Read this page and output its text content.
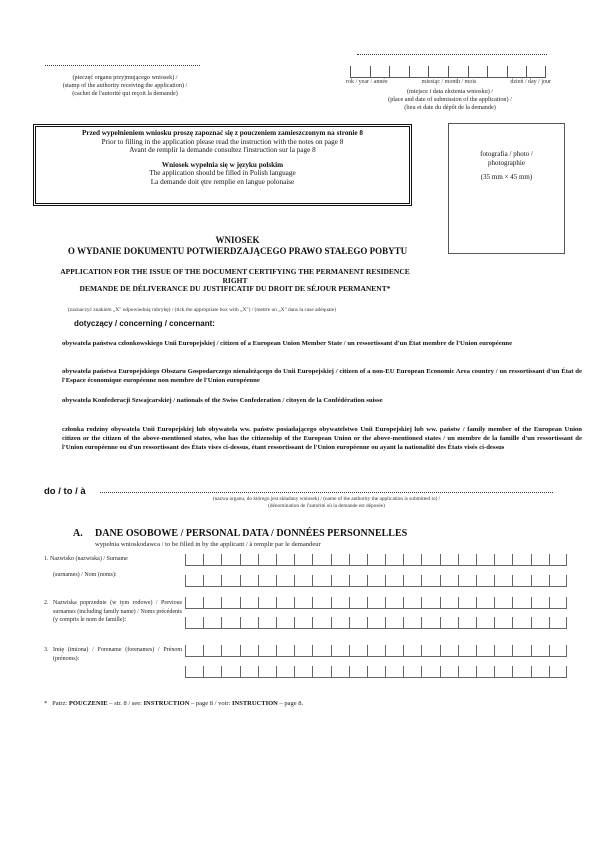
(pieczęć organu przyjmującego wniosek) /
(stamp of the authority receiving the application) /
(cachet de l'autorité qui reçoit la demande)
rok / year / année	miesiąc / month / mois	dzień / day / jour
(miejsce i data złożenia wniosku) /
(place and date of submission of the application) /
(lieu et date du dépôt de la demande)
Przed wypełnieniem wniosku proszę zapoznać się z pouczeniem zamieszczonym na stronie 8
Prior to filling in the application please read the instruction with the notes on page 8
Avant de remplir la demande consultez l'instruction sur la page 8
Wniosek wypełnia się w języku polskim
The application should be filled in Polish language
La demande doit ętre remplie en langue polonaise
fotografia / photo /
photographie
(35 mm × 45 mm)
WNIOSEK
O WYDANIE DOKUMENTU POTWIERDZAJĄCEGO PRAWO STAŁEGO POBYTU
APPLICATION FOR THE ISSUE OF THE DOCUMENT CERTIFYING THE PERMANENT RESIDENCE
RIGHT
DEMANDE DE DÉLIVERANCE DU JUSTIFICATIF DU DROIT DE SÉJOUR PERMANENT*
(zaznaczyć znakiem „X" odpowiednią rubrykę) / (tick the appropriate box with „X") / (mettre un „X" dans la case adéquate)
dotyczący / concerning / concernant:
obywatela państwa członkowskiego Unii Europejskiej / citizen of a European Union Member State / un ressortissant d'un État membre de l'Union européenne
obywatela państwa Europejskiego Obszaru Gospodarczego nienależącego do Unii Europejskiej / citizen of a non-EU European Economic Area country / un ressortissant d'un État de l'Espace économique européenne non membre de l'Union européenne
obywatela Konfederacji Szwajcarskiej / nationals of the Swiss Confederation / citoyen de la Confédération suisse
członka rodziny obywatela Unii Europejskiej lub obywatela ww. państw posiadającego obywatelstwo Unii Europejskiej lub ww. państw / family member of the European Union citizen or the citizen of the above-mentioned states, who has the citizenship of the European Union or the above-mentioned states / un membre de la famille d'un ressortissant de l'Union européenne ou d'un ressortissant des États vises ci-dessus, étant ressortissant de l'Union européenne ou ayant la nationalité des États visés ci-dessus
do / to / à
(nazwa organu, do którego jest składany wniosek) / (name of the authority the application is submitted to) /
(dénomination de l'autorité où la demande est déposée)
A. DANE OSOBOWE / PERSONAL DATA / DONNÉES PERSONNELLES
wypełnia wnioskodawca / to be filled in by the applicant / à remplir par le demandeur
1. Nazwisko (nazwiska) / Surname
(surnames) / Nom (noms):
2. Nazwiska poprzednie (w tym rodowe) / Previous surnames (including family name) / Noms précédents (y compris le nom de famille):
3. Imię (imiona) / Forename (forenames) / Prénom (prénoms):
* Patrz: POUCZENIE – str. 8 / see: INSTRUCTION – page 8 / voir: INSTRUCTION – page 8.
